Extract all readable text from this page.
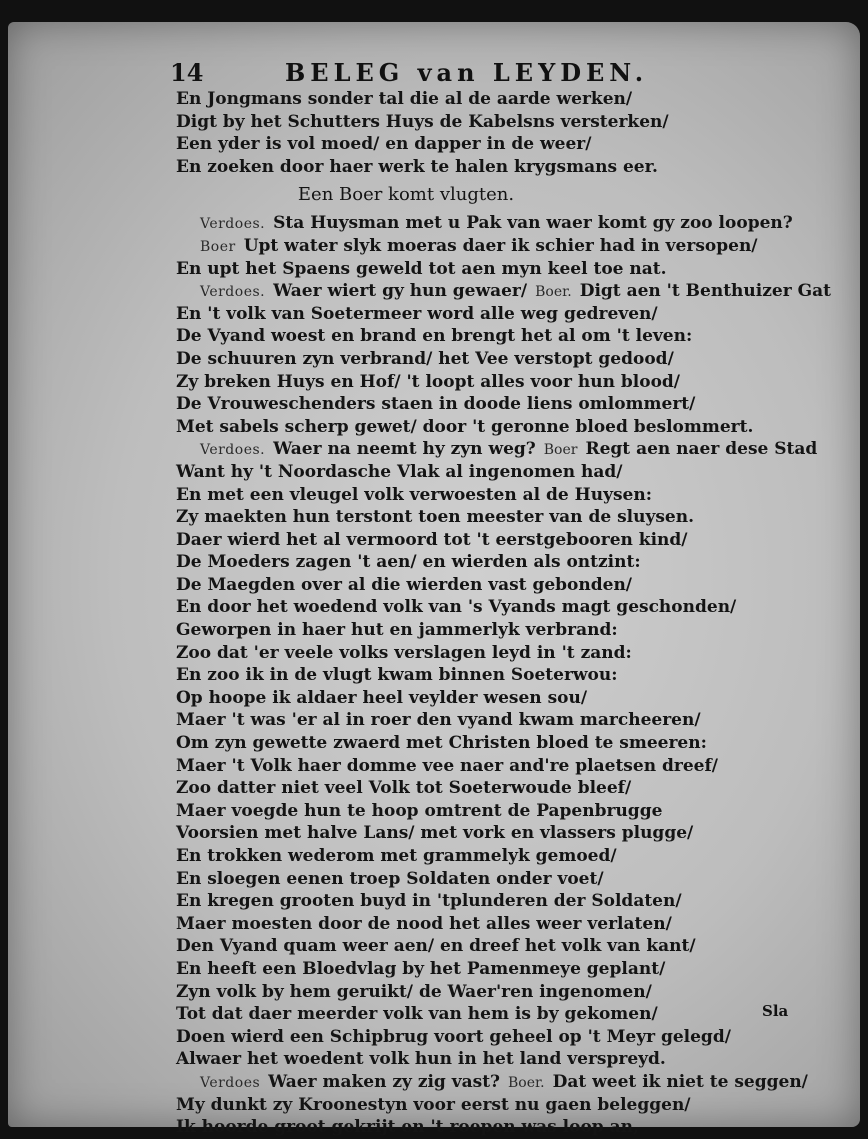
14	BELEG van LEYDEN.
En Jongmans sonder tal die al de aarde werken/
Digt by het Schutters Huys de Kabelsns versterken/
Een yder is vol moed/ en dapper in de weer/
En zoeken door haer werk te halen krygsmans eer.
Een Boer komt vlugten.
Verdoes. Sta Huysman met u Pak van waer komt gy zoo loopen?
Boer Upt water slyk moeras daer ik schier had in versopen/
En upt het Spaens geweld tot aen myn keel toe nat.
Verdoes. Waer wiert gy hun gewaer/ Boer. Digt aen 't Benthuizer Gat
En 't volk van Soetermeer word alle weg gedreven/
De Vyand woest en brand en brengt het al om 't leven:
De schuuren zyn verbrand/ het Vee verstopt gedood/
Zy breken Huys en Hof/ 't loopt alles voor hun blood/
De Vrouweschenders staen in doode liens omlommert/
Met sabels scherp gewet/ door 't geronne bloed beslommert.
Verdoes. Waer na neemt hy zyn weg? Boer Regt aen naer dese Stad
Want hy 't Noordasche Vlak al ingenomen had/
En met een vleugel volk verwoesten al de Huysen:
Zy maekten hun terstont toen meester van de sluysen.
Daer wierd het al vermoord tot 't eerstgebooren kind/
De Moeders zagen 't aen/ en wierden als ontzint:
De Maegden over al die wierden vast gebonden/
En door het woedend volk van 's Vyands magt geschonden/
Geworpen in haer hut en jammerlyk verbrand:
Zoo dat 'er veele volks verslagen leyd in 't zand:
En zoo ik in de vlugt kwam binnen Soeterwou:
Op hoope ik aldaer heel veylder wesen sou/
Maer 't was 'er al in roer den vyand kwam marcheeren/
Om zyn gewette zwaerd met Christen bloed te smeeren:
Maer 't Volk haer domme vee naer and're plaetsen dreef/
Zoo datter niet veel Volk tot Soeterwoude bleef/
Maer voegde hun te hoop omtrent de Papenbrugge
Voorsien met halve Lans/ met vork en vlassers plugge/
En trokken wederom met grammelyk gemoed/
En sloegen eenen troep Soldaten onder voet/
En kregen grooten buyd in 'tplunderen der Soldaten/
Maer moesten door de nood het alles weer verlaten/
Den Vyand quam weer aen/ en dreef het volk van kant/
En heeft een Bloedvlag by het Pamenmeye geplant/
Zyn volk by hem geruikt/ de Waer'ren ingenomen/
Tot dat daer meerder volk van hem is by gekomen/
Doen wierd een Schipbrug voort geheel op 't Meyr gelegd/
Alwaer het woedent volk hun in het land verspreyd.
Verdoes Waer maken zy zig vast? Boer. Dat weet ik niet te seggen/
My dunkt zy Kroonestyn voor eerst nu gaen beleggen/
Ik hoorde groot gekrijt en 't roepen was loop an,
Sla
